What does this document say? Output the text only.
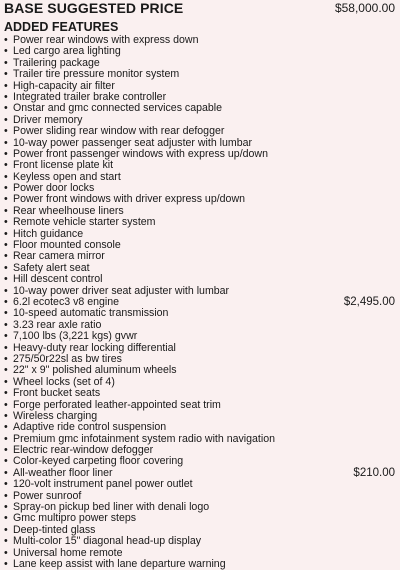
BASE SUGGESTED PRICE	$58,000.00
ADDED FEATURES
• Power rear windows with express down
• Led cargo area lighting
• Trailering package
• Trailer tire pressure monitor system
• High-capacity air filter
• Integrated trailer brake controller
• Onstar and gmc connected services capable
• Driver memory
• Power sliding rear window with rear defogger
• 10-way power passenger seat adjuster with lumbar
• Power front passenger windows with express up/down
• Front license plate kit
• Keyless open and start
• Power door locks
• Power front windows with driver express up/down
• Rear wheelhouse liners
• Remote vehicle starter system
• Hitch guidance
• Floor mounted console
• Rear camera mirror
• Safety alert seat
• Hill descent control
• 10-way power driver seat adjuster with lumbar
• 6.2l ecotec3 v8 engine	$2,495.00
• 10-speed automatic transmission
• 3.23 rear axle ratio
• 7,100 lbs (3,221 kgs) gvwr
• Heavy-duty rear locking differential
• 275/50r22sl as bw tires
• 22" x 9" polished aluminum wheels
• Wheel locks (set of 4)
• Front bucket seats
• Forge perforated leather-appointed seat trim
• Wireless charging
• Adaptive ride control suspension
• Premium gmc infotainment system radio with navigation
• Electric rear-window defogger
• Color-keyed carpeting floor covering
• All-weather floor liner	$210.00
• 120-volt instrument panel power outlet
• Power sunroof
• Spray-on pickup bed liner with denali logo
• Gmc multipro power steps
• Deep-tinted glass
• Multi-color 15" diagonal head-up display
• Universal home remote
• Lane keep assist with lane departure warning
